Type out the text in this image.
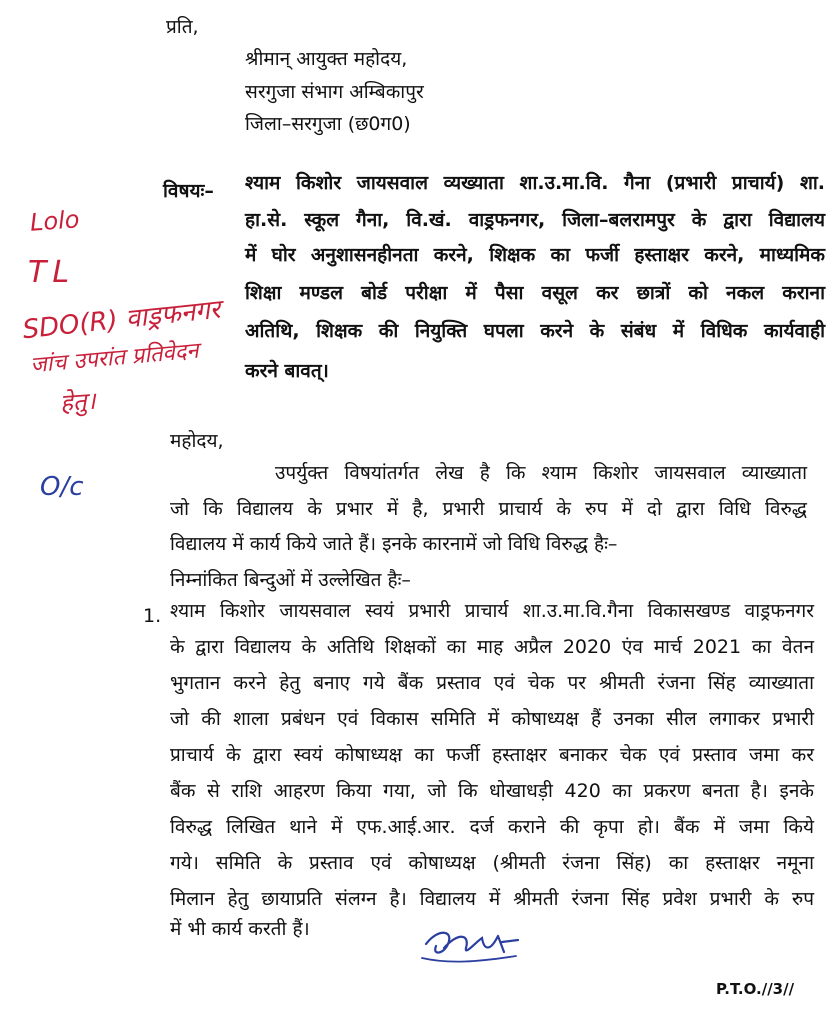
प्रति,
श्रीमान् आयुक्त महोदय,
सरगुजा संभाग अम्बिकापुर
जिला–सरगुजा (छ0ग0)
विषयः– श्याम किशोर जायसवाल व्यख्याता शा.उ.मा.वि. गैना (प्रभारी प्राचार्य) शा.
हा.से. स्कूल गैना, वि.खं. वाड्रफनगर, जिला–बलरामपुर के द्वारा विद्यालय
में घोर अनुशासनहीनता करने, शिक्षक का फर्जी हस्ताक्षर करने, माध्यमिक
शिक्षा मण्डल बोर्ड परीक्षा में पैसा वसूल कर छात्रों को नकल कराना
अतिथि, शिक्षक की नियुक्ति घपला करने के संबंध में विधिक कार्यवाही
करने बावत्।
Lolo
TL
SDO(R) वाड्रफनगर
जांच उपरांत प्रतिवेदन
हेतु।
O/c
महोदय,
उपर्युक्त विषयांतर्गत लेख है कि श्याम किशोर जायसवाल व्याख्याता
जो कि विद्यालय के प्रभार में है, प्रभारी प्राचार्य के रुप में दो द्वारा विधि विरुद्ध
विद्यालय में कार्य किये जाते हैं। इनके कारनामें जो विधि विरुद्ध हैः–
निम्नांकित बिन्दुओं में उल्लेखित हैः–
1. श्याम किशोर जायसवाल स्वयं प्रभारी प्राचार्य शा.उ.मा.वि.गैना विकासखण्ड वाड्रफनगर
के द्वारा विद्यालय के अतिथि शिक्षकों का माह अप्रैल 2020 एंव मार्च 2021 का वेतन
भुगतान करने हेतु बनाए गये बैंक प्रस्ताव एवं चेक पर श्रीमती रंजना सिंह व्याख्याता
जो की शाला प्रबंधन एवं विकास समिति में कोषाध्यक्ष हैं उनका सील लगाकर प्रभारी
प्राचार्य के द्वारा स्वयं कोषाध्यक्ष का फर्जी हस्ताक्षर बनाकर चेक एवं प्रस्ताव जमा कर
बैंक से राशि आहरण किया गया, जो कि धोखाधड़ी 420 का प्रकरण बनता है। इनके
विरुद्ध लिखित थाने में एफ.आई.आर. दर्ज कराने की कृपा हो। बैंक में जमा किये
गये। समिति के प्रस्ताव एवं कोषाध्यक्ष (श्रीमती रंजना सिंह) का हस्ताक्षर नमूना
मिलान हेतु छायाप्रति संलग्न है। विद्यालय में श्रीमती रंजना सिंह प्रवेश प्रभारी के रुप
में भी कार्य करती हैं।
P.T.O.//3//
